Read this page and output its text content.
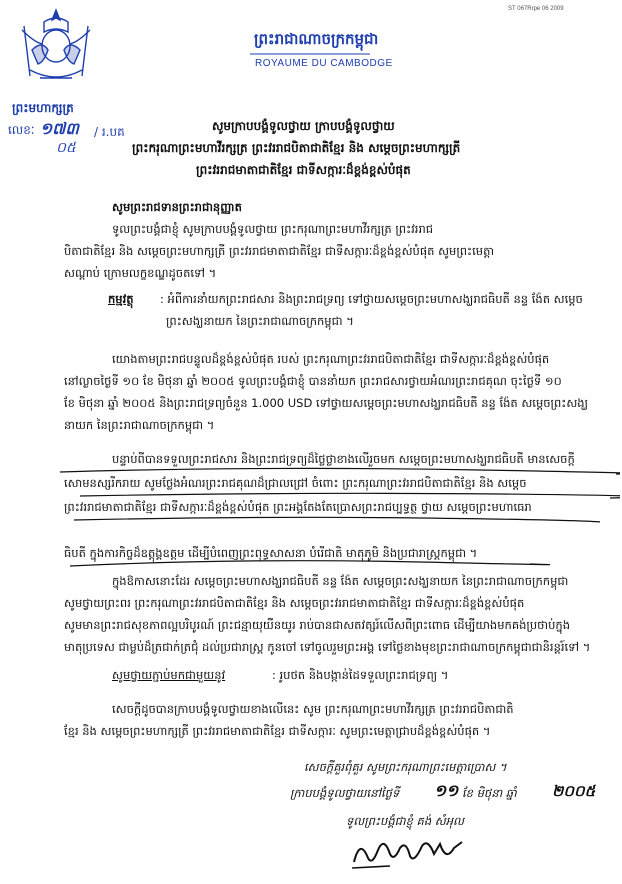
ST 067Rrpe 06 2009
ព្រះរាជាណាចក្រកម្ពុជា
ROYAUME DU CAMBODGE
ព្រះមហាក្សត្រ
លេខៈ ១៧៣ / រ.បគ
០៥
សូមក្រាបបង្គំទូលថ្វាយ ក្រាបបង្គំទូលថ្វាយ
ព្រះករុណាព្រះមហាវីរក្សត្រ ព្រះវររាជបិតាជាតិខ្មែរ និង សម្តេចព្រះមហាក្សត្រី
ព្រះវររាជមាតាជាតិខ្មែរ ជាទីសក្ការៈដ៏ខ្ពង់ខ្ពស់បំផុត
សូមព្រះរាជទានព្រះរាជានុញ្ញាត
ទូលព្រះបង្គំជាខ្ញុំ សូមក្រាបបង្គំទូលថ្វាយ ព្រះករុណាព្រះមហាវីរក្សត្រ ព្រះវររាជ
បិតាជាតិខ្មែរ និង សម្តេចព្រះមហាក្សត្រី ព្រះវររាជមាតាជាតិខ្មែរ ជាទីសក្ការៈដ៏ខ្ពង់ខ្ពស់បំផុត សូមព្រះមេត្តា
សណ្តាប់ ក្រោមលក្ខខណ្ឌដូចតទៅ ។
កម្មវត្ថុ : អំពីការនាំយកព្រះរាជសារ និងព្រះរាជទ្រព្យ ទៅថ្វាយសម្តេចព្រះមហាសង្ឃរាជធិបតី នន្ទ ង៉ែត សម្តេច
ព្រះសង្ឃនាយក នៃព្រះរាជាណាចក្រកម្ពុជា ។
យោងតាមព្រះរាជបន្ទូលដ៏ខ្ពង់ខ្ពស់បំផុត របស់ ព្រះករុណាព្រះវររាជបិតាជាតិខ្មែរ ជាទីសក្ការៈដ៏ខ្ពង់ខ្ពស់បំផុត
នៅល្ងាចថ្ងៃទី ១០ ខែ មិថុនា ឆ្នាំ ២០០៥ ទូលព្រះបង្គំជាខ្ញុំ បាននាំយក ព្រះរាជសារថ្វាយអំណរព្រះរាជគុណ ចុះថ្ងៃទី ១០
ខែ មិថុនា ឆ្នាំ ២០០៥ និងព្រះរាជទ្រព្យចំនួន 1.000 USD ទៅថ្វាយសម្តេចព្រះមហាសង្ឃរាជធិបតី នន្ទ ង៉ែត សម្តេចព្រះសង្ឃ
នាយក នៃព្រះរាជាណាចក្រកម្ពុជា ។
បន្ទាប់ពីបានទទួលព្រះរាជសារ និងព្រះរាជទ្រព្យដ៏ថ្លៃថ្លាខាងលើរួចមក សម្តេចព្រះមហាសង្ឃរាជធិបតី មានសេចក្តី
សោមនស្សរីករាយ សូមថ្លែងអំណរព្រះរាជគុណដ៏ជ្រាលជ្រៅ ចំពោះ ព្រះករុណាព្រះវររាជបិតាជាតិខ្មែរ និង សម្តេច
ព្រះវររាជមាតាជាតិខ្មែរ ជាទីសក្ការៈដ៏ខ្ពង់ខ្ពស់បំផុត ព្រះអង្គតែងតែប្រោសព្រះរាជប្បទ្ធត្ថ ថ្វាយ សម្តេចព្រះមហាធេរា
ធិបតី ក្នុងការកិច្ចដ៏ឧត្តុង្គឧត្តម ដើម្បីបំពេញព្រះពុទ្ធសាសនា បំរើជាតិ មាតុភូមិ និងប្រជារាស្ត្រកម្ពុជា ។
ក្នុងឱកាសនោះដែរ សម្តេចព្រះមហាសង្ឃរាជធិបតី នន្ទ ង៉ែត សម្តេចព្រះសង្ឃនាយក នៃព្រះរាជាណាចក្រកម្ពុជា
សូមថ្វាយព្រះពរ ព្រះករុណាព្រះវររាជបិតាជាតិខ្មែរ និង សម្តេចព្រះវររាជមាតាជាតិខ្មែរ ជាទីសក្ការៈដ៏ខ្ពង់ខ្ពស់បំផុត
សូមមានព្រះរាជសុខភាពល្អបរិបូរណ៍ ព្រះជន្មាយុយឺនយូរ រាប់បានជាសតវត្សរ៍លើសពីព្រះពោធ ដើម្បីយាងមកគង់ប្រថាប់ក្នុង
មាតុប្រទេស ជាម្លប់ដ៏ត្រជាក់ត្រជុំ ដល់ប្រជារាស្ត្រ កូនចៅ ទៅចូលរួមព្រះអង្គ ទៅថ្ងៃខាងមុខព្រះរាជាណាចក្រកម្ពុជាជានិរន្តរ៍ទៅ ។
សូមថ្វាយភ្ជាប់មកជាមួយនូវ	: រូបថត និងបង្កាន់ដៃទទួលព្រះរាជទ្រព្យ ។
សេចក្តីដូចបានក្រាបបង្គំទូលថ្វាយខាងលើនេះ សូម ព្រះករុណាព្រះមហាវីរក្សត្រ ព្រះវររាជបិតាជាតិ
ខ្មែរ និង សម្តេចព្រះមហាក្សត្រី ព្រះវររាជមាតាជាតិខ្មែរ ជាទីសក្ការៈ សូមព្រះមេត្តាជ្រាបដ៏ខ្ពង់ខ្ពស់បំផុត ។
សេចក្តីគួរពុំគួរ សូមព្រះករុណាព្រះមេត្តាប្រោស ។
ក្រាបបង្គំទូលថ្វាយនៅថ្ងៃទី ១១ ខែ មិថុនា ឆ្នាំ ២០០៥
ទូលព្រះបង្គំជាខ្ញុំ គង់ សំអុល
